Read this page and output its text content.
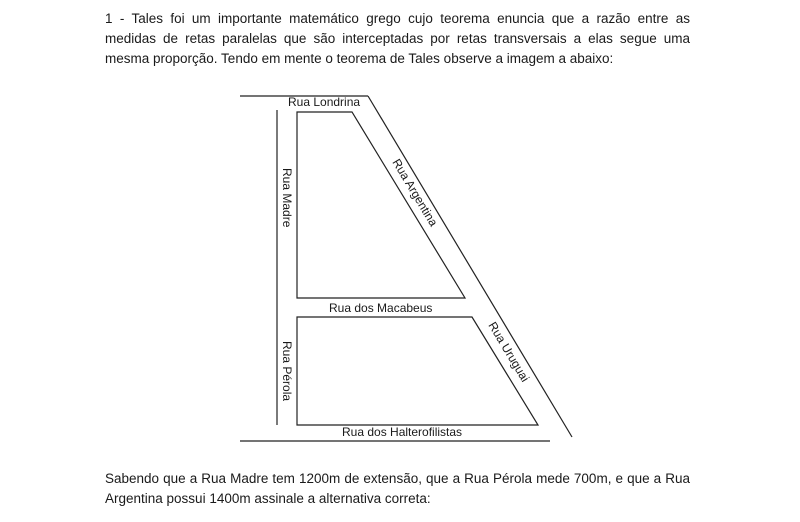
1 - Tales foi um importante matemático grego cujo teorema enuncia que a razão entre as medidas de retas paralelas que são interceptadas por retas transversais a elas segue uma mesma proporção. Tendo em mente o teorema de Tales observe a imagem a abaixo:
Rua Londrina
Rua Madre	Rua Argentina
Rua dos Macabeus
Rua Pérola	Rua Uruguai
Rua dos Halterofilistas
Sabendo que a Rua Madre tem 1200m de extensão, que a Rua Pérola mede 700m, e que a Rua Argentina possui 1400m assinale a alternativa correta:
